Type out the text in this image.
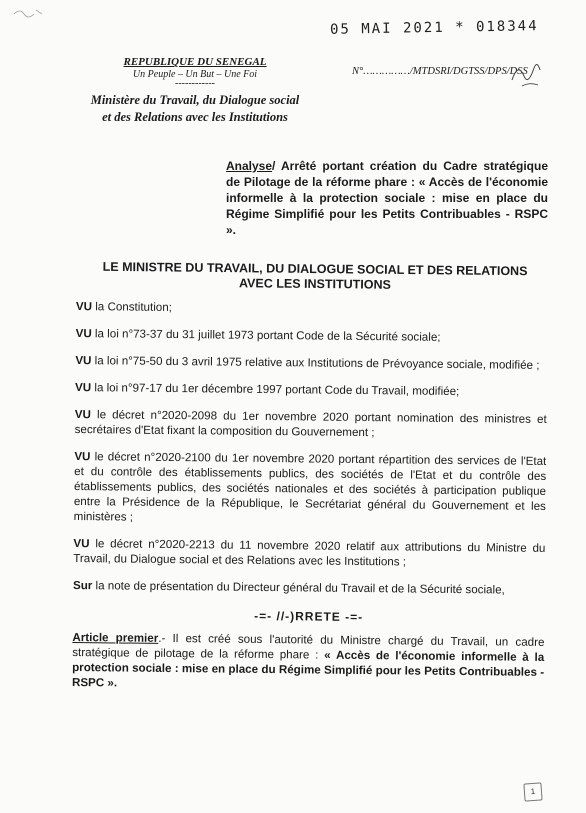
05 MAI 2021 * 018344
REPUBLIQUE DU SENEGAL
Un Peuple – Un But – Une Foi
------------
Ministère du Travail, du Dialogue social
et des Relations avec les Institutions
N°……………/MTDSRI/DGTSS/DPS/DSS
Analyse/ Arrêté portant création du Cadre stratégique de Pilotage de la réforme phare : « Accès de l'économie informelle à la protection sociale : mise en place du Régime Simplifié pour les Petits Contribuables - RSPC ».
LE MINISTRE DU TRAVAIL, DU DIALOGUE SOCIAL ET DES RELATIONS
AVEC LES INSTITUTIONS

VU la Constitution;

VU la loi n°73-37 du 31 juillet 1973 portant Code de la Sécurité sociale;

VU la loi n°75-50 du 3 avril 1975 relative aux Institutions de Prévoyance sociale, modifiée ;

VU la loi n°97-17 du 1er décembre 1997 portant Code du Travail, modifiée;

VU le décret n°2020-2098 du 1er novembre 2020 portant nomination des ministres et secrétaires d'Etat fixant la composition du Gouvernement ;

VU le décret n°2020-2100 du 1er novembre 2020 portant répartition des services de l'Etat et du contrôle des établissements publics, des sociétés de l'Etat et du contrôle des établissements publics, des sociétés nationales et des sociétés à participation publique entre la Présidence de la République, le Secrétariat général du Gouvernement et les ministères ;

VU le décret n°2020-2213 du 11 novembre 2020 relatif aux attributions du Ministre du Travail, du Dialogue social et des Relations avec les Institutions ;

Sur la note de présentation du Directeur général du Travail et de la Sécurité sociale,

-=- //-)RRETE -=-

Article premier.- Il est créé sous l'autorité du Ministre chargé du Travail, un cadre stratégique de pilotage de la réforme phare : « Accès de l'économie informelle à la protection sociale : mise en place du Régime Simplifié pour les Petits Contribuables - RSPC ».

1
